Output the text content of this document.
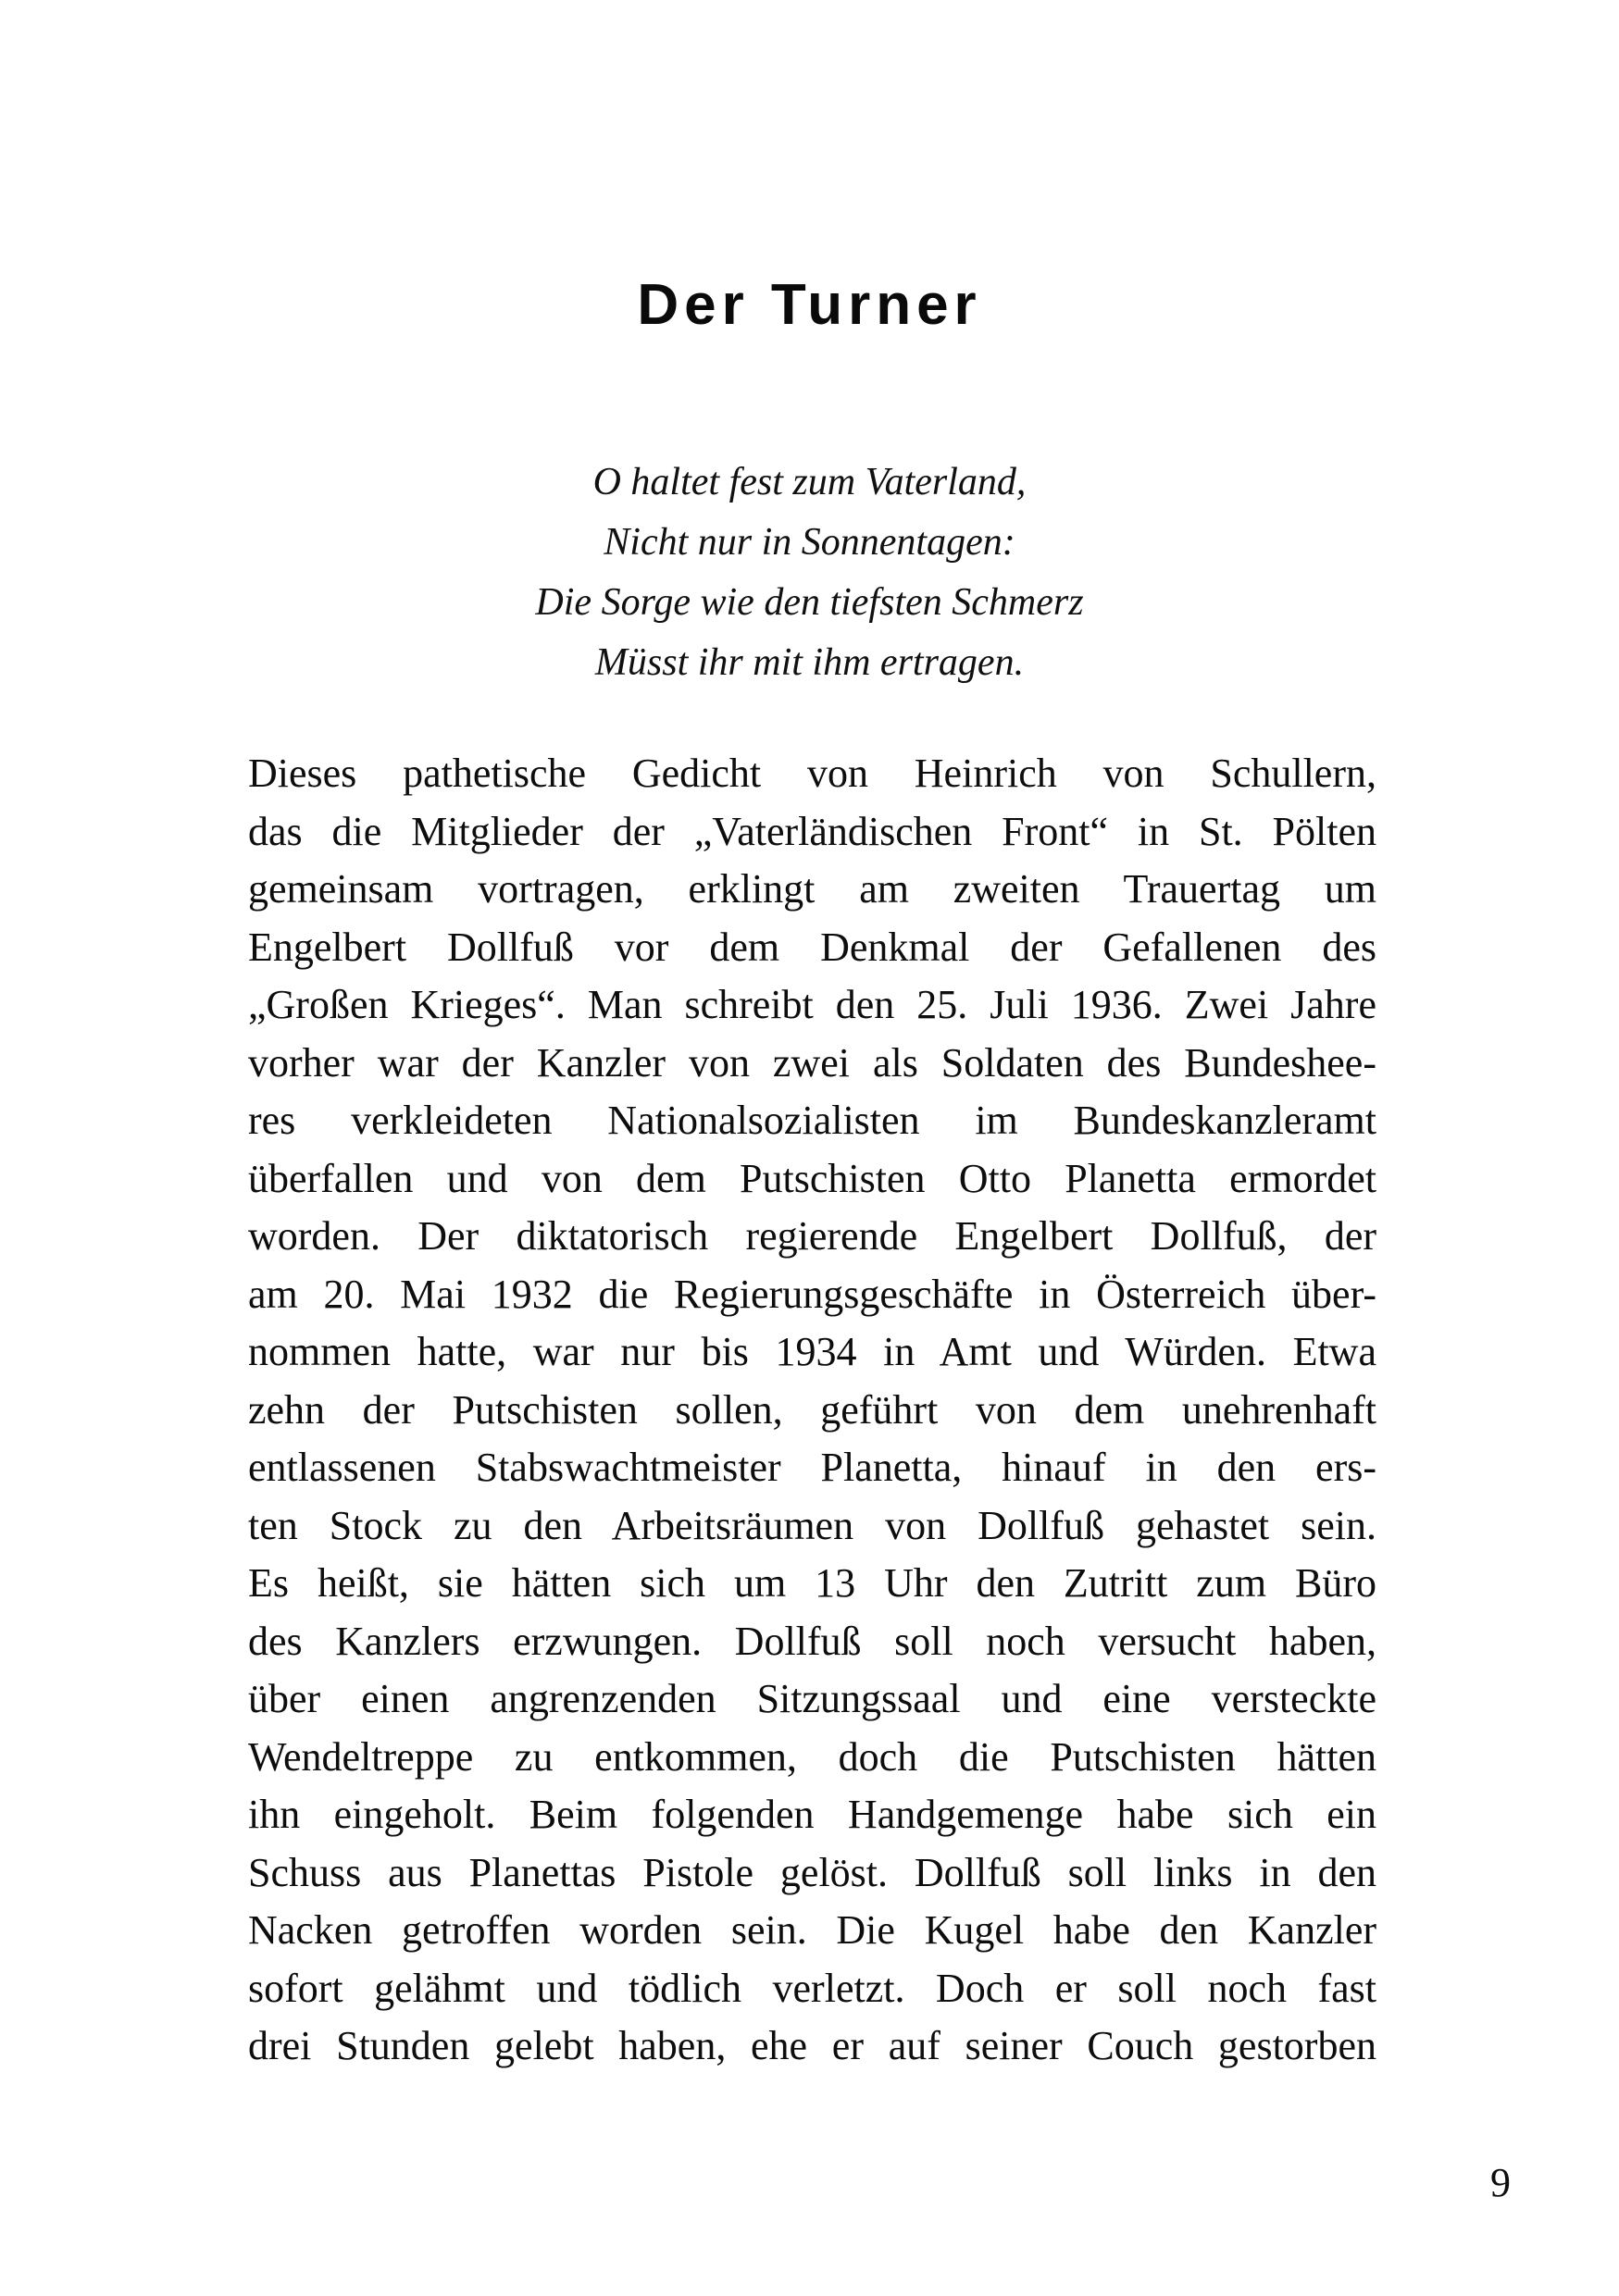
Der Turner
O haltet fest zum Vaterland,
Nicht nur in Sonnentagen:
Die Sorge wie den tiefsten Schmerz
Müsst ihr mit ihm ertragen.
Dieses pathetische Gedicht von Heinrich von Schullern,
das die Mitglieder der „Vaterländischen Front“ in St. Pölten
gemeinsam vortragen, erklingt am zweiten Trauertag um
Engelbert Dollfuß vor dem Denkmal der Gefallenen des
„Großen Krieges“. Man schreibt den 25. Juli 1936. Zwei Jahre
vorher war der Kanzler von zwei als Soldaten des Bundeshee-
res verkleideten Nationalsozialisten im Bundeskanzleramt
überfallen und von dem Putschisten Otto Planetta ermordet
worden. Der diktatorisch regierende Engelbert Dollfuß, der
am 20. Mai 1932 die Regierungsgeschäfte in Österreich über-
nommen hatte, war nur bis 1934 in Amt und Würden. Etwa
zehn der Putschisten sollen, geführt von dem unehrenhaft
entlassenen Stabswachtmeister Planetta, hinauf in den ers-
ten Stock zu den Arbeitsräumen von Dollfuß gehastet sein.
Es heißt, sie hätten sich um 13 Uhr den Zutritt zum Büro
des Kanzlers erzwungen. Dollfuß soll noch versucht haben,
über einen angrenzenden Sitzungssaal und eine versteckte
Wendeltreppe zu entkommen, doch die Putschisten hätten
ihn eingeholt. Beim folgenden Handgemenge habe sich ein
Schuss aus Planettas Pistole gelöst. Dollfuß soll links in den
Nacken getroffen worden sein. Die Kugel habe den Kanzler
sofort gelähmt und tödlich verletzt. Doch er soll noch fast
drei Stunden gelebt haben, ehe er auf seiner Couch gestorben
9
